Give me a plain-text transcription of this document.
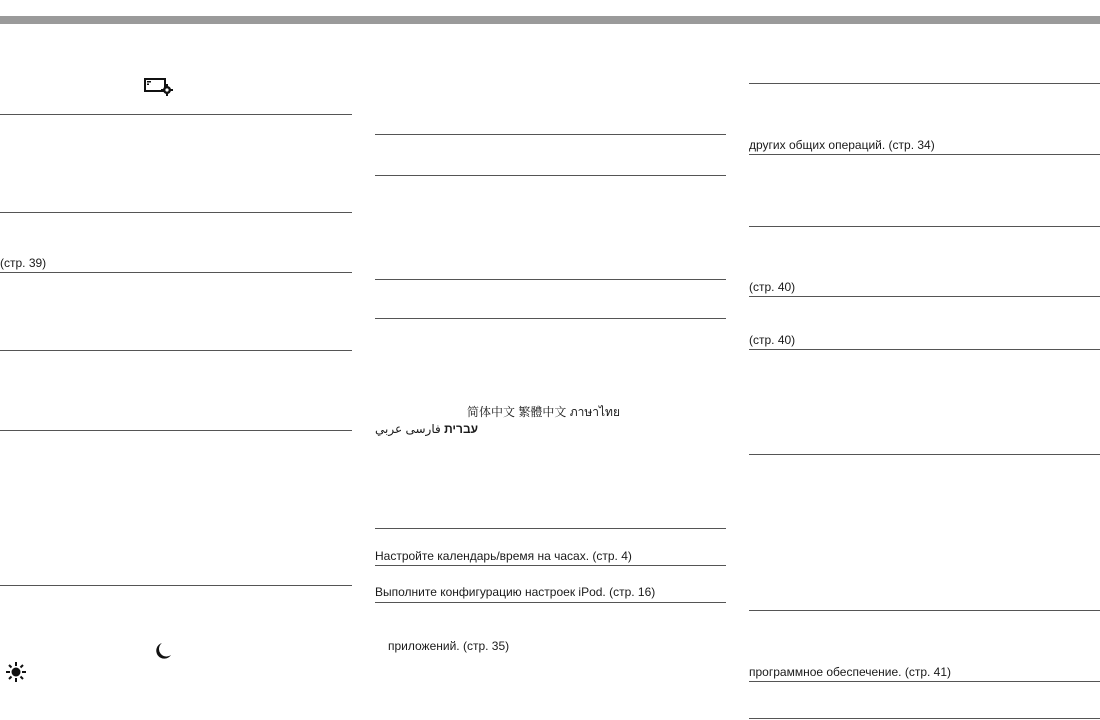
(стр. 39)
简体中文 繁體中文 ภาษาไทย
עברית فارسی عربي
Настройте календарь/время на часах. (стр. 4)
Выполните конфигурацию настроек iPod. (стр. 16)
приложений. (стр. 35)
других общих операций. (стр. 34)
(стр. 40)
(стр. 40)
программное обеспечение. (стр. 41)
